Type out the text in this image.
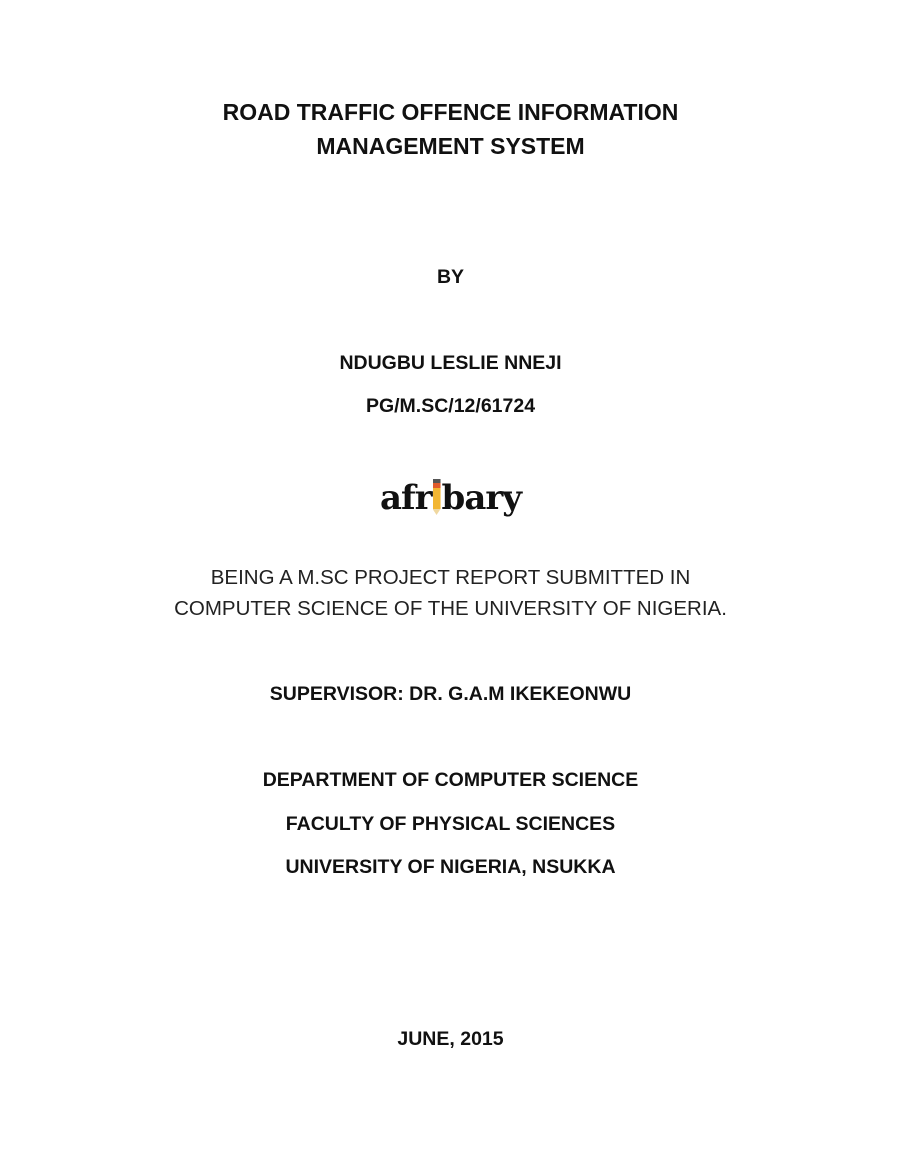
ROAD TRAFFIC OFFENCE INFORMATION
MANAGEMENT SYSTEM
BY
NDUGBU LESLIE NNEJI
PG/M.SC/12/61724
afr bary
BEING A M.SC PROJECT REPORT SUBMITTED IN
COMPUTER SCIENCE OF THE UNIVERSITY OF NIGERIA.
SUPERVISOR: DR. G.A.M IKEKEONWU
DEPARTMENT OF COMPUTER SCIENCE
FACULTY OF PHYSICAL SCIENCES
UNIVERSITY OF NIGERIA, NSUKKA
JUNE, 2015
